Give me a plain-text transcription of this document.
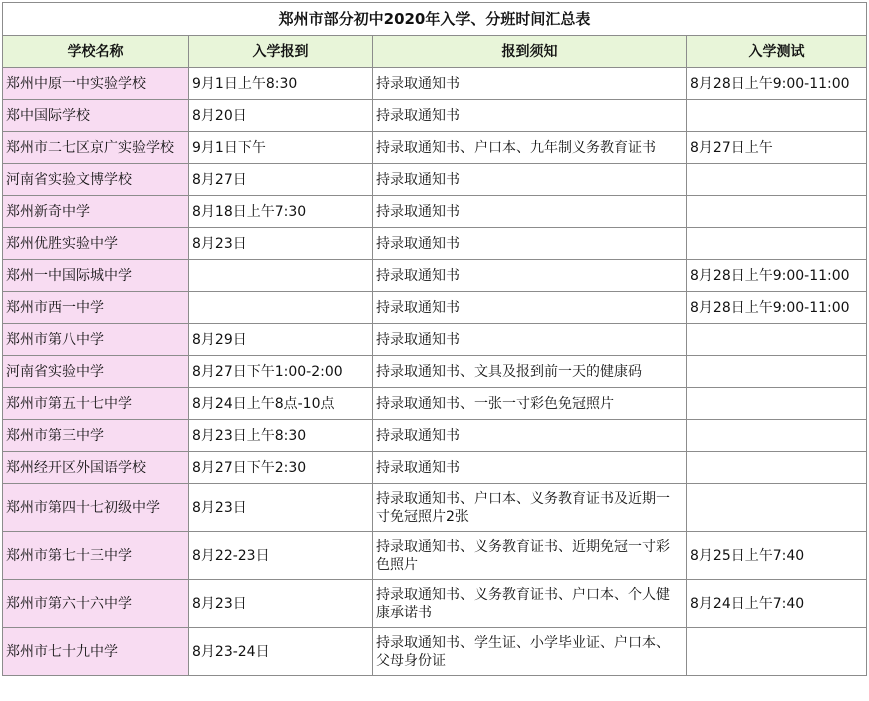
郑州市部分初中2020年入学、分班时间汇总表			
学校名称	入学报到	报到须知	入学测试
郑州中原一中实验学校	9月1日上午8:30	持录取通知书	8月28日上午9:00-11:00
郑中国际学校	8月20日	持录取通知书	
郑州市二七区京广实验学校	9月1日下午	持录取通知书、户口本、九年制义务教育证书	8月27日上午
河南省实验文博学校	8月27日	持录取通知书	
郑州新奇中学	8月18日上午7:30	持录取通知书	
郑州优胜实验中学	8月23日	持录取通知书	
郑州一中国际城中学		持录取通知书	8月28日上午9:00-11:00
郑州市西一中学		持录取通知书	8月28日上午9:00-11:00
郑州市第八中学	8月29日	持录取通知书	
河南省实验中学	8月27日下午1:00-2:00	持录取通知书、文具及报到前一天的健康码	
郑州市第五十七中学	8月24日上午8点-10点	持录取通知书、一张一寸彩色免冠照片	
郑州市第三中学	8月23日上午8:30	持录取通知书	
郑州经开区外国语学校	8月27日下午2:30	持录取通知书	
郑州市第四十七初级中学	8月23日	持录取通知书、户口本、义务教育证书及近期一寸免冠照片2张	
郑州市第七十三中学	8月22-23日	持录取通知书、义务教育证书、近期免冠一寸彩色照片	8月25日上午7:40
郑州市第六十六中学	8月23日	持录取通知书、义务教育证书、户口本、个人健康承诺书	8月24日上午7:40
郑州市七十九中学	8月23-24日	持录取通知书、学生证、小学毕业证、户口本、父母身份证	
